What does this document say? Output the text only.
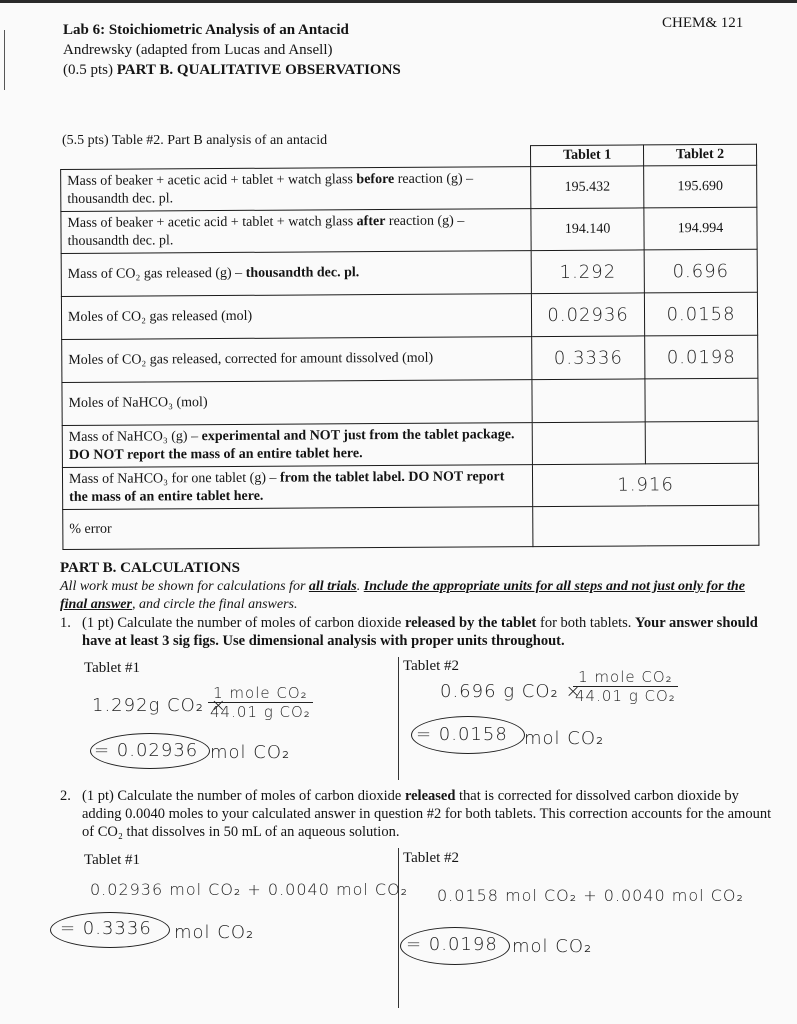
Lab 6: Stoichiometric Analysis of an Antacid
Andrewsky (adapted from Lucas and Ansell)
(0.5 pts) PART B. QUALITATIVE OBSERVATIONS
CHEM& 121
(5.5 pts) Table #2. Part B analysis of an antacid
	Tablet 1	Tablet 2
Mass of beaker + acetic acid + tablet + watch glass before reaction (g) – thousandth dec. pl.	195.432	195.690
Mass of beaker + acetic acid + tablet + watch glass after reaction (g) – thousandth dec. pl.	194.140	194.994
Mass of CO₂ gas released (g) – thousandth dec. pl.	1.292	0.696
Moles of CO₂ gas released (mol)	0.02936	0.0158
Moles of CO₂ gas released, corrected for amount dissolved (mol)	0.3336	0.0198
Moles of NaHCO₃ (mol)		
Mass of NaHCO₃ (g) – experimental and NOT just from the tablet package. DO NOT report the mass of an entire tablet here.		
Mass of NaHCO₃ for one tablet (g) – from the tablet label. DO NOT report the mass of an entire tablet here.	1.916	
% error		
PART B. CALCULATIONS
All work must be shown for calculations for all trials. Include the appropriate units for all steps and not just only for the final answer, and circle the final answers.
1. (1 pt) Calculate the number of moles of carbon dioxide released by the tablet for both tablets. Your answer should have at least 3 sig figs. Use dimensional analysis with proper units throughout.
Tablet #1	Tablet #2
1.292g CO₂ ×
1 mole CO₂
44.01 g CO₂
= 0.02936 mol CO₂
0.696 g CO₂ ×
1 mole CO₂
44.01 g CO₂
= 0.0158 mol CO₂
2. (1 pt) Calculate the number of moles of carbon dioxide released that is corrected for dissolved carbon dioxide by adding 0.0040 moles to your calculated answer in question #2 for both tablets. This correction accounts for the amount of CO₂ that dissolves in 50 mL of an aqueous solution.
Tablet #1	Tablet #2
0.02936 mol CO₂ + 0.0040 mol CO₂
= 0.3336 mol CO₂
0.0158 mol CO₂ + 0.0040 mol CO₂
= 0.0198 mol CO₂
